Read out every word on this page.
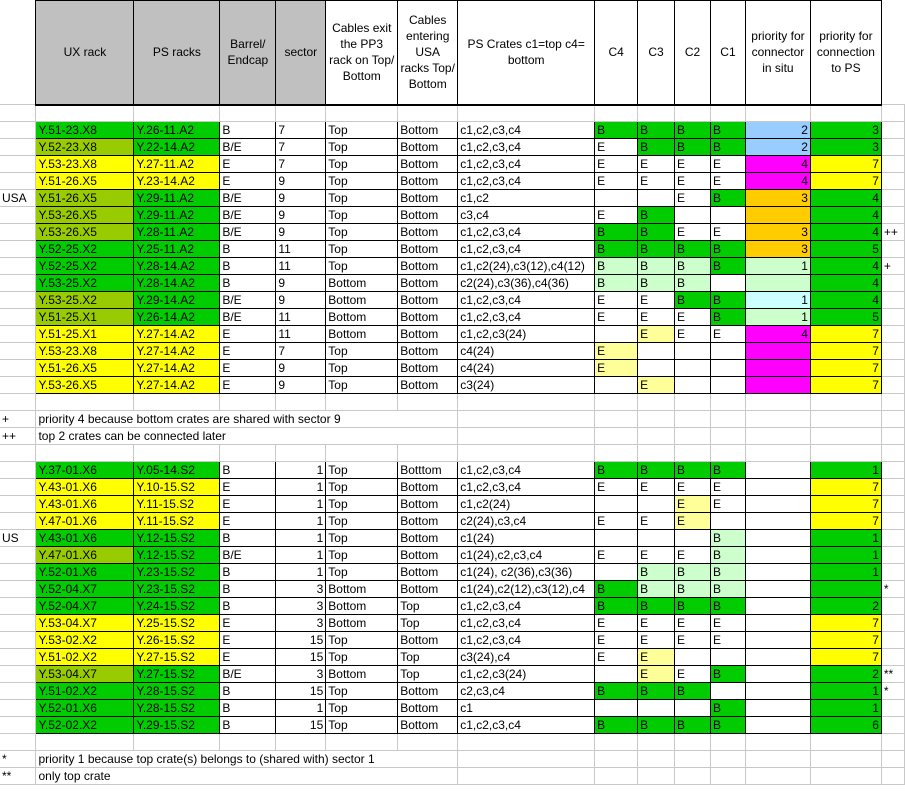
	UX rack	PS racks	Barrel/ Endcap	sector	Cables exit the PP3 rack on Top/ Bottom	Cables entering USA racks Top/ Bottom	PS Crates c1=top c4= bottom	C4	C3	C2	C1	priority for connector in situ	priority for connection to PS	

	Y.51-23.X8	Y.26-11.A2	B	7	Top	Bottom	c1,c2,c3,c4	B	B	B	B	2	3	
	Y.52-23.X8	Y.22-14.A2	B/E	7	Top	Bottom	c1,c2,c3,c4	E	B	B	B	2	3	
	Y.53-23.X8	Y.27-11.A2	E	7	Top	Bottom	c1,c2,c3,c4	E	E	E	E	4	7	
	Y.51-26.X5	Y.23-14.A2	E	9	Top	Bottom	c1,c2,c3,c4	E	E	E	E	4	7	
USA	Y.51-26.X5	Y.29-11.A2	B/E	9	Top	Bottom	c1,c2			E	B	3	4	
	Y.53-26.X5	Y.29-11.A2	B/E	9	Top	Bottom	c3,c4	E	B				4	
	Y.53-26.X5	Y.28-11.A2	B/E	9	Top	Bottom	c1,c2,c3,c4	B	B	E	E	3	4	++
	Y.52-25.X2	Y.25-11.A2	B	11	Top	Bottom	c1,c2,c3,c4	B	B	B	B	3	5	
	Y.52-25.X2	Y.28-14.A2	B	11	Top	Bottom	c1,c2(24),c3(12),c4(12)	B	B	B	B	1	4	+
	Y.53-25.X2	Y.28-14.A2	B	9	Bottom	Bottom	c2(24),c3(36),c4(36)	B	B	B			4	
	Y.53-25.X2	Y.29-14.A2	B/E	9	Bottom	Bottom	c1,c2,c3,c4	E	E	B	B	1	4	
	Y.51-25.X1	Y.26-14.A2	B/E	11	Bottom	Bottom	c1,c2,c3,c4	E	E	E	B	1	5	
	Y.51-25.X1	Y.27-14.A2	E	11	Bottom	Bottom	c1,c2,c3(24)		E	E	E	4	7	
	Y.53-23.X8	Y.27-14.A2	E	7	Top	Bottom	c4(24)	E					7	
	Y.51-26.X5	Y.27-14.A2	E	9	Top	Bottom	c4(24)	E					7	
	Y.53-26.X5	Y.27-14.A2	E	9	Top	Bottom	c3(24)		E				7	

+	priority 4 because bottom crates are shared with sector 9													
++	top 2 crates can be connected later													

	Y.37-01.X6	Y.05-14.S2	B	1	Top	Botttom	c1,c2,c3,c4	B	B	B	B		1	
	Y.43-01.X6	Y.10-15.S2	E	1	Top	Bottom	c1,c2,c3,c4	E	E	E	E		7	
	Y.43-01.X6	Y.11-15.S2	E	1	Top	Bottom	c1,c2(24)			E	E		7	
	Y.47-01.X6	Y.11-15.S2	E	1	Top	Bottom	c2(24),c3,c4	E	E	E			7	
US	Y.43-01.X6	Y.12-15.S2	B	1	Top	Bottom	c1(24)				B		1	
	Y.47-01.X6	Y.12-15.S2	B/E	1	Top	Bottom	c1(24),c2,c3,c4	E	E	E	B		1	
	Y.52-01.X6	Y.23-15.S2	B	1	Top	Bottom	c1(24), c2(36),c3(36)		B	B	B		1	
	Y.52-04.X7	Y.23-15.S2	B	3	Bottom	Bottom	c1(24),c2(12),c3(12),c4	B	B	B	B			*
	Y.52-04.X7	Y.24-15.S2	B	3	Bottom	Top	c1,c2,c3,c4	B	B	B	B		2	
	Y.53-04.X7	Y.25-15.S2	E	3	Bottom	Top	c1,c2,c3,c4	E	E	E	E		7	
	Y.53-02.X2	Y.26-15.S2	E	15	Top	Bottom	c1,c2,c3,c4	E	E	E	E		7	
	Y.51-02.X2	Y.27-15.S2	E	15	Top	Top	c3(24),c4	E	E				7	
	Y.53-04.X7	Y.27-15.S2	B/E	3	Bottom	Top	c1,c2,c3(24)		E	E	B		2	**
	Y.51-02.X2	Y.28-15.S2	B	15	Top	Bottom	c2,c3,c4	B	B	B			1	*
	Y.52-01.X6	Y.28-15.S2	B	1	Top	Bottom	c1				B		1	
	Y.52-02.X2	Y.29-15.S2	B	15	Top	Bottom	c1,c2,c3,c4	B	B	B	B		6	

*	priority 1 because top crate(s) belongs to (shared with) sector 1													
**	only top crate													
